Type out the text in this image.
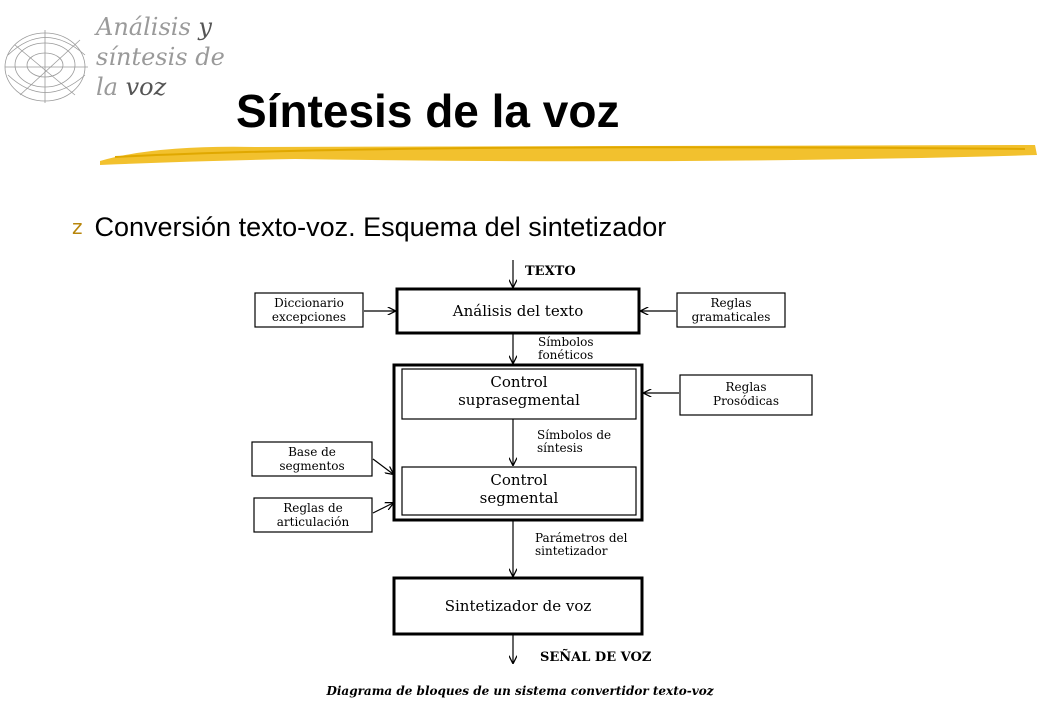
Análisis y
síntesis de
la voz	Síntesis de la voz
z Conversión texto-voz. Esquema del sintetizador
TEXTO
Análisis del texto
Diccionario
excepciones
Reglas
gramaticales
Símbolos
fonéticos
Control
suprasegmental
Reglas
Prosódicas
Símbolos de
síntesis
Control
segmental
Base de
segmentos
Reglas de
articulación
Parámetros del
sintetizador
Sintetizador de voz
SEÑAL DE VOZ
Diagrama de bloques de un sistema convertidor texto-voz
